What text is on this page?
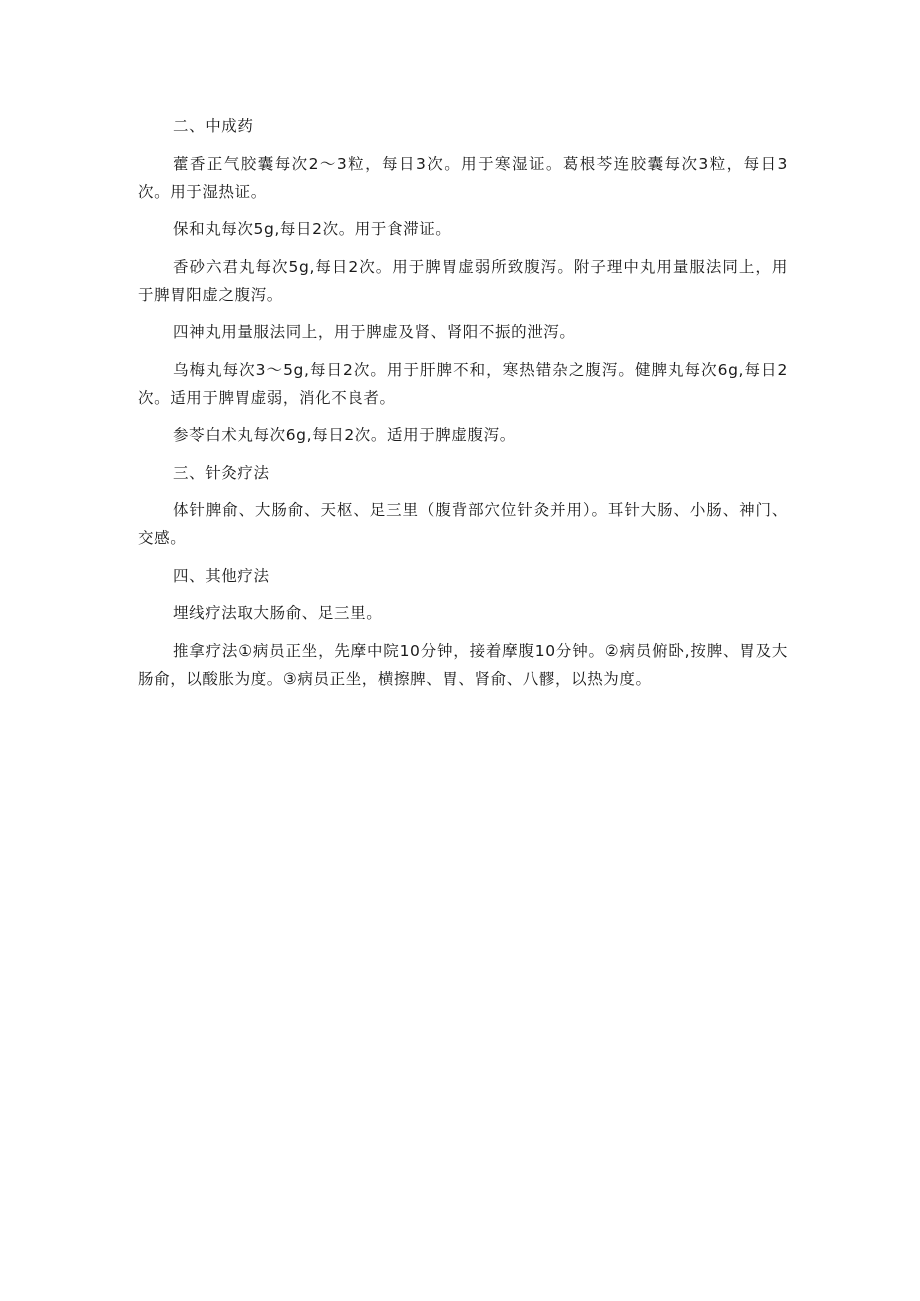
二、中成药

藿香正气胶囊每次2～3粒，每日3次。用于寒湿证。葛根芩连胶囊每次3粒，每日3次。用于湿热证。

保和丸每次5g,每日2次。用于食滞证。

香砂六君丸每次5g,每日2次。用于脾胃虚弱所致腹泻。附子理中丸用量服法同上，用于脾胃阳虚之腹泻。

四神丸用量服法同上，用于脾虚及肾、肾阳不振的泄泻。

乌梅丸每次3～5g,每日2次。用于肝脾不和，寒热错杂之腹泻。健脾丸每次6g,每日2次。适用于脾胃虚弱，消化不良者。

参苓白术丸每次6g,每日2次。适用于脾虚腹泻。

三、针灸疗法

体针脾俞、大肠俞、天枢、足三里（腹背部穴位针灸并用）。耳针大肠、小肠、神门、交感。

四、其他疗法

埋线疗法取大肠俞、足三里。

推拿疗法①病员正坐，先摩中院10分钟，接着摩腹10分钟。②病员俯卧,按脾、胃及大肠俞，以酸胀为度。③病员正坐，横擦脾、胃、肾俞、八髎，以热为度。
